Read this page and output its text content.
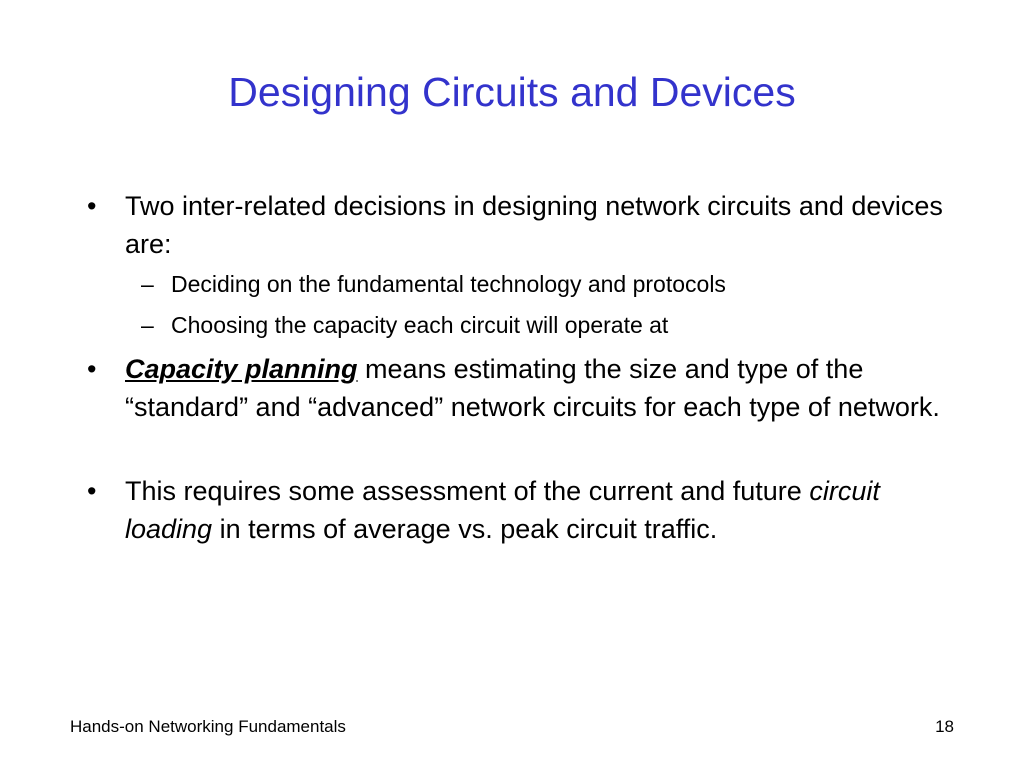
Designing Circuits and Devices
• Two inter-related decisions in designing network circuits and devices are:
– Deciding on the fundamental technology and protocols
– Choosing the capacity each circuit will operate at
• Capacity planning means estimating the size and type of the “standard” and “advanced” network circuits for each type of network.
• This requires some assessment of the current and future circuit loading in terms of average vs. peak circuit traffic.
Hands-on Networking Fundamentals	18
